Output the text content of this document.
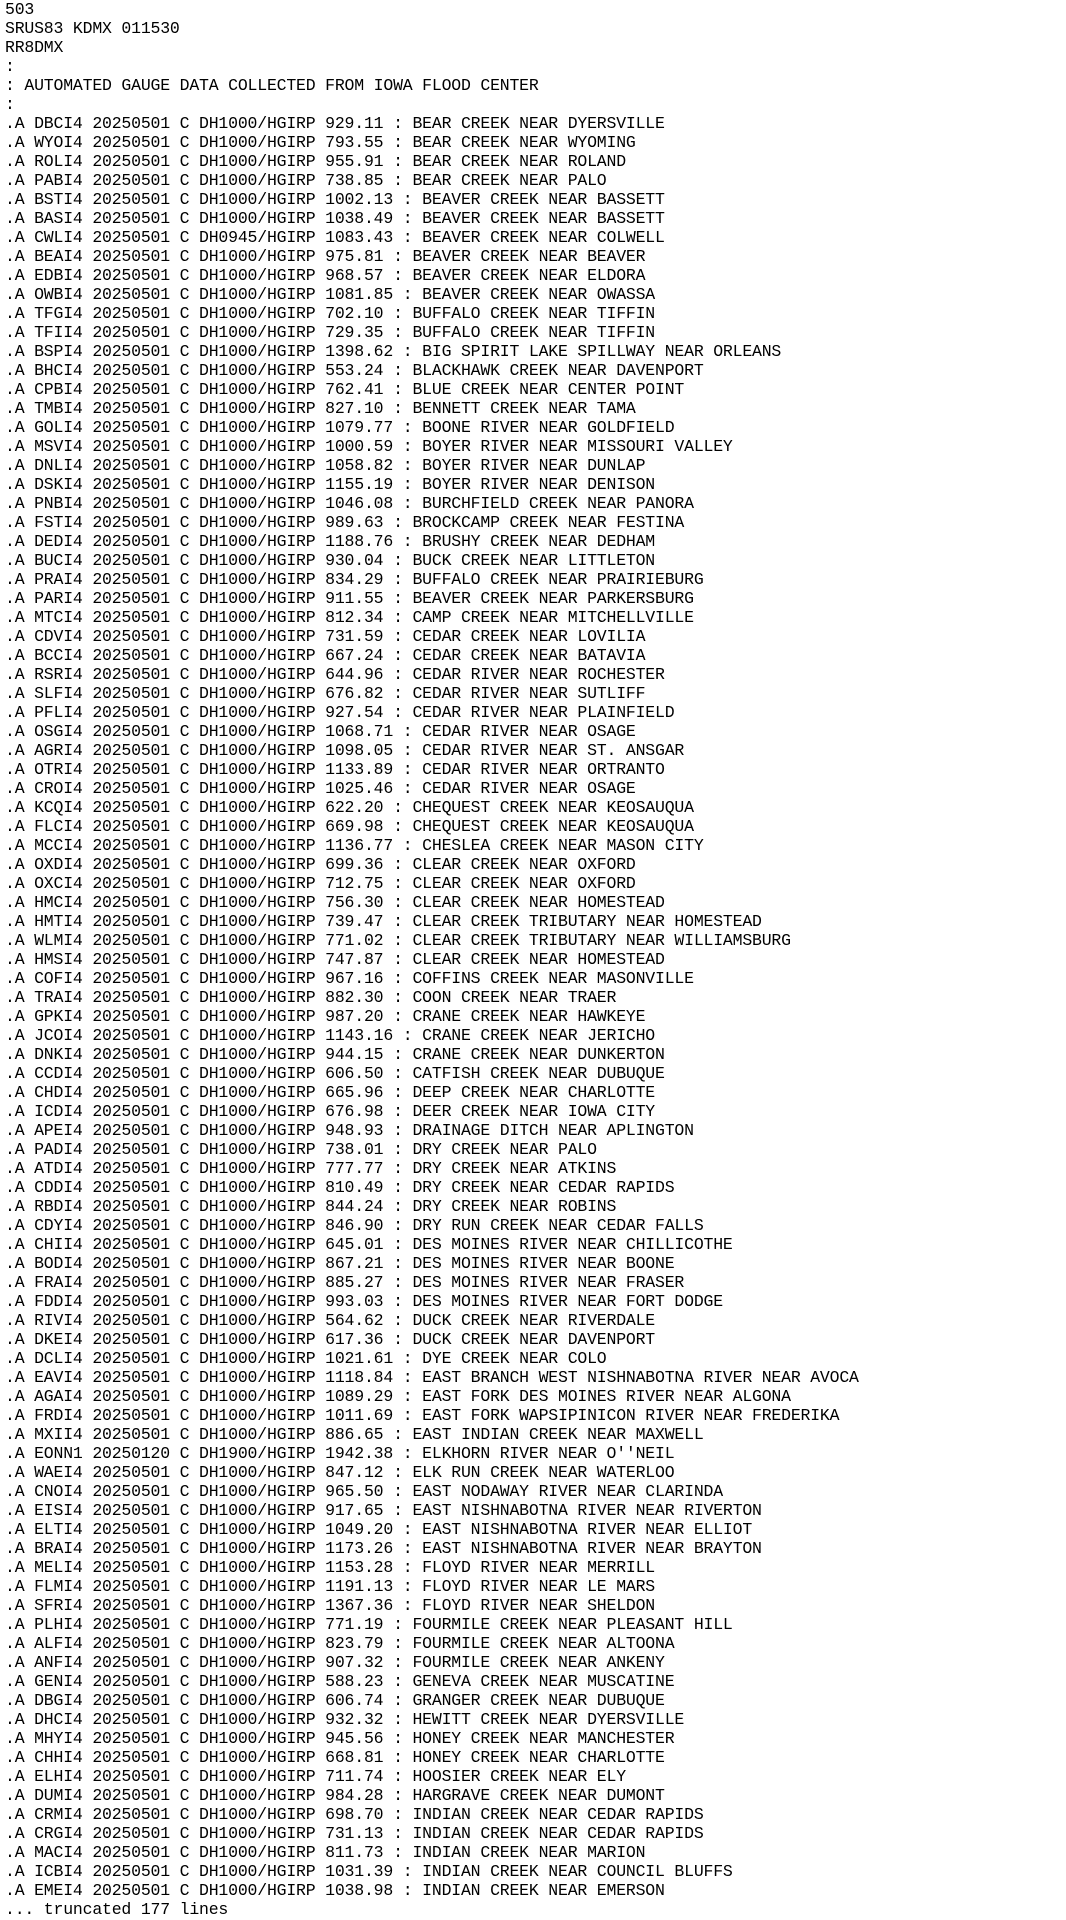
503
SRUS83 KDMX 011530
RR8DMX
:
: AUTOMATED GAUGE DATA COLLECTED FROM IOWA FLOOD CENTER
:
.A DBCI4 20250501 C DH1000/HGIRP 929.11 : BEAR CREEK NEAR DYERSVILLE
.A WYOI4 20250501 C DH1000/HGIRP 793.55 : BEAR CREEK NEAR WYOMING
.A ROLI4 20250501 C DH1000/HGIRP 955.91 : BEAR CREEK NEAR ROLAND
.A PABI4 20250501 C DH1000/HGIRP 738.85 : BEAR CREEK NEAR PALO
.A BSTI4 20250501 C DH1000/HGIRP 1002.13 : BEAVER CREEK NEAR BASSETT
.A BASI4 20250501 C DH1000/HGIRP 1038.49 : BEAVER CREEK NEAR BASSETT
.A CWLI4 20250501 C DH0945/HGIRP 1083.43 : BEAVER CREEK NEAR COLWELL
.A BEAI4 20250501 C DH1000/HGIRP 975.81 : BEAVER CREEK NEAR BEAVER
.A EDBI4 20250501 C DH1000/HGIRP 968.57 : BEAVER CREEK NEAR ELDORA
.A OWBI4 20250501 C DH1000/HGIRP 1081.85 : BEAVER CREEK NEAR OWASSA
.A TFGI4 20250501 C DH1000/HGIRP 702.10 : BUFFALO CREEK NEAR TIFFIN
.A TFII4 20250501 C DH1000/HGIRP 729.35 : BUFFALO CREEK NEAR TIFFIN
.A BSPI4 20250501 C DH1000/HGIRP 1398.62 : BIG SPIRIT LAKE SPILLWAY NEAR ORLEANS
.A BHCI4 20250501 C DH1000/HGIRP 553.24 : BLACKHAWK CREEK NEAR DAVENPORT
.A CPBI4 20250501 C DH1000/HGIRP 762.41 : BLUE CREEK NEAR CENTER POINT
.A TMBI4 20250501 C DH1000/HGIRP 827.10 : BENNETT CREEK NEAR TAMA
.A GOLI4 20250501 C DH1000/HGIRP 1079.77 : BOONE RIVER NEAR GOLDFIELD
.A MSVI4 20250501 C DH1000/HGIRP 1000.59 : BOYER RIVER NEAR MISSOURI VALLEY
.A DNLI4 20250501 C DH1000/HGIRP 1058.82 : BOYER RIVER NEAR DUNLAP
.A DSKI4 20250501 C DH1000/HGIRP 1155.19 : BOYER RIVER NEAR DENISON
.A PNBI4 20250501 C DH1000/HGIRP 1046.08 : BURCHFIELD CREEK NEAR PANORA
.A FSTI4 20250501 C DH1000/HGIRP 989.63 : BROCKCAMP CREEK NEAR FESTINA
.A DEDI4 20250501 C DH1000/HGIRP 1188.76 : BRUSHY CREEK NEAR DEDHAM
.A BUCI4 20250501 C DH1000/HGIRP 930.04 : BUCK CREEK NEAR LITTLETON
.A PRAI4 20250501 C DH1000/HGIRP 834.29 : BUFFALO CREEK NEAR PRAIRIEBURG
.A PARI4 20250501 C DH1000/HGIRP 911.55 : BEAVER CREEK NEAR PARKERSBURG
.A MTCI4 20250501 C DH1000/HGIRP 812.34 : CAMP CREEK NEAR MITCHELLVILLE
.A CDVI4 20250501 C DH1000/HGIRP 731.59 : CEDAR CREEK NEAR LOVILIA
.A BCCI4 20250501 C DH1000/HGIRP 667.24 : CEDAR CREEK NEAR BATAVIA
.A RSRI4 20250501 C DH1000/HGIRP 644.96 : CEDAR RIVER NEAR ROCHESTER
.A SLFI4 20250501 C DH1000/HGIRP 676.82 : CEDAR RIVER NEAR SUTLIFF
.A PFLI4 20250501 C DH1000/HGIRP 927.54 : CEDAR RIVER NEAR PLAINFIELD
.A OSGI4 20250501 C DH1000/HGIRP 1068.71 : CEDAR RIVER NEAR OSAGE
.A AGRI4 20250501 C DH1000/HGIRP 1098.05 : CEDAR RIVER NEAR ST. ANSGAR
.A OTRI4 20250501 C DH1000/HGIRP 1133.89 : CEDAR RIVER NEAR ORTRANTO
.A CROI4 20250501 C DH1000/HGIRP 1025.46 : CEDAR RIVER NEAR OSAGE
.A KCQI4 20250501 C DH1000/HGIRP 622.20 : CHEQUEST CREEK NEAR KEOSAUQUA
.A FLCI4 20250501 C DH1000/HGIRP 669.98 : CHEQUEST CREEK NEAR KEOSAUQUA
.A MCCI4 20250501 C DH1000/HGIRP 1136.77 : CHESLEA CREEK NEAR MASON CITY
.A OXDI4 20250501 C DH1000/HGIRP 699.36 : CLEAR CREEK NEAR OXFORD
.A OXCI4 20250501 C DH1000/HGIRP 712.75 : CLEAR CREEK NEAR OXFORD
.A HMCI4 20250501 C DH1000/HGIRP 756.30 : CLEAR CREEK NEAR HOMESTEAD
.A HMTI4 20250501 C DH1000/HGIRP 739.47 : CLEAR CREEK TRIBUTARY NEAR HOMESTEAD
.A WLMI4 20250501 C DH1000/HGIRP 771.02 : CLEAR CREEK TRIBUTARY NEAR WILLIAMSBURG
.A HMSI4 20250501 C DH1000/HGIRP 747.87 : CLEAR CREEK NEAR HOMESTEAD
.A COFI4 20250501 C DH1000/HGIRP 967.16 : COFFINS CREEK NEAR MASONVILLE
.A TRAI4 20250501 C DH1000/HGIRP 882.30 : COON CREEK NEAR TRAER
.A GPKI4 20250501 C DH1000/HGIRP 987.20 : CRANE CREEK NEAR HAWKEYE
.A JCOI4 20250501 C DH1000/HGIRP 1143.16 : CRANE CREEK NEAR JERICHO
.A DNKI4 20250501 C DH1000/HGIRP 944.15 : CRANE CREEK NEAR DUNKERTON
.A CCDI4 20250501 C DH1000/HGIRP 606.50 : CATFISH CREEK NEAR DUBUQUE
.A CHDI4 20250501 C DH1000/HGIRP 665.96 : DEEP CREEK NEAR CHARLOTTE
.A ICDI4 20250501 C DH1000/HGIRP 676.98 : DEER CREEK NEAR IOWA CITY
.A APEI4 20250501 C DH1000/HGIRP 948.93 : DRAINAGE DITCH NEAR APLINGTON
.A PADI4 20250501 C DH1000/HGIRP 738.01 : DRY CREEK NEAR PALO
.A ATDI4 20250501 C DH1000/HGIRP 777.77 : DRY CREEK NEAR ATKINS
.A CDDI4 20250501 C DH1000/HGIRP 810.49 : DRY CREEK NEAR CEDAR RAPIDS
.A RBDI4 20250501 C DH1000/HGIRP 844.24 : DRY CREEK NEAR ROBINS
.A CDYI4 20250501 C DH1000/HGIRP 846.90 : DRY RUN CREEK NEAR CEDAR FALLS
.A CHII4 20250501 C DH1000/HGIRP 645.01 : DES MOINES RIVER NEAR CHILLICOTHE
.A BODI4 20250501 C DH1000/HGIRP 867.21 : DES MOINES RIVER NEAR BOONE
.A FRAI4 20250501 C DH1000/HGIRP 885.27 : DES MOINES RIVER NEAR FRASER
.A FDDI4 20250501 C DH1000/HGIRP 993.03 : DES MOINES RIVER NEAR FORT DODGE
.A RIVI4 20250501 C DH1000/HGIRP 564.62 : DUCK CREEK NEAR RIVERDALE
.A DKEI4 20250501 C DH1000/HGIRP 617.36 : DUCK CREEK NEAR DAVENPORT
.A DCLI4 20250501 C DH1000/HGIRP 1021.61 : DYE CREEK NEAR COLO
.A EAVI4 20250501 C DH1000/HGIRP 1118.84 : EAST BRANCH WEST NISHNABOTNA RIVER NEAR AVOCA
.A AGAI4 20250501 C DH1000/HGIRP 1089.29 : EAST FORK DES MOINES RIVER NEAR ALGONA
.A FRDI4 20250501 C DH1000/HGIRP 1011.69 : EAST FORK WAPSIPINICON RIVER NEAR FREDERIKA
.A MXII4 20250501 C DH1000/HGIRP 886.65 : EAST INDIAN CREEK NEAR MAXWELL
.A EONN1 20250120 C DH1900/HGIRP 1942.38 : ELKHORN RIVER NEAR O''NEIL
.A WAEI4 20250501 C DH1000/HGIRP 847.12 : ELK RUN CREEK NEAR WATERLOO
.A CNOI4 20250501 C DH1000/HGIRP 965.50 : EAST NODAWAY RIVER NEAR CLARINDA
.A EISI4 20250501 C DH1000/HGIRP 917.65 : EAST NISHNABOTNA RIVER NEAR RIVERTON
.A ELTI4 20250501 C DH1000/HGIRP 1049.20 : EAST NISHNABOTNA RIVER NEAR ELLIOT
.A BRAI4 20250501 C DH1000/HGIRP 1173.26 : EAST NISHNABOTNA RIVER NEAR BRAYTON
.A MELI4 20250501 C DH1000/HGIRP 1153.28 : FLOYD RIVER NEAR MERRILL
.A FLMI4 20250501 C DH1000/HGIRP 1191.13 : FLOYD RIVER NEAR LE MARS
.A SFRI4 20250501 C DH1000/HGIRP 1367.36 : FLOYD RIVER NEAR SHELDON
.A PLHI4 20250501 C DH1000/HGIRP 771.19 : FOURMILE CREEK NEAR PLEASANT HILL
.A ALFI4 20250501 C DH1000/HGIRP 823.79 : FOURMILE CREEK NEAR ALTOONA
.A ANFI4 20250501 C DH1000/HGIRP 907.32 : FOURMILE CREEK NEAR ANKENY
.A GENI4 20250501 C DH1000/HGIRP 588.23 : GENEVA CREEK NEAR MUSCATINE
.A DBGI4 20250501 C DH1000/HGIRP 606.74 : GRANGER CREEK NEAR DUBUQUE
.A DHCI4 20250501 C DH1000/HGIRP 932.32 : HEWITT CREEK NEAR DYERSVILLE
.A MHYI4 20250501 C DH1000/HGIRP 945.56 : HONEY CREEK NEAR MANCHESTER
.A CHHI4 20250501 C DH1000/HGIRP 668.81 : HONEY CREEK NEAR CHARLOTTE
.A ELHI4 20250501 C DH1000/HGIRP 711.74 : HOOSIER CREEK NEAR ELY
.A DUMI4 20250501 C DH1000/HGIRP 984.28 : HARGRAVE CREEK NEAR DUMONT
.A CRMI4 20250501 C DH1000/HGIRP 698.70 : INDIAN CREEK NEAR CEDAR RAPIDS
.A CRGI4 20250501 C DH1000/HGIRP 731.13 : INDIAN CREEK NEAR CEDAR RAPIDS
.A MACI4 20250501 C DH1000/HGIRP 811.73 : INDIAN CREEK NEAR MARION
.A ICBI4 20250501 C DH1000/HGIRP 1031.39 : INDIAN CREEK NEAR COUNCIL BLUFFS
.A EMEI4 20250501 C DH1000/HGIRP 1038.98 : INDIAN CREEK NEAR EMERSON
... truncated 177 lines
